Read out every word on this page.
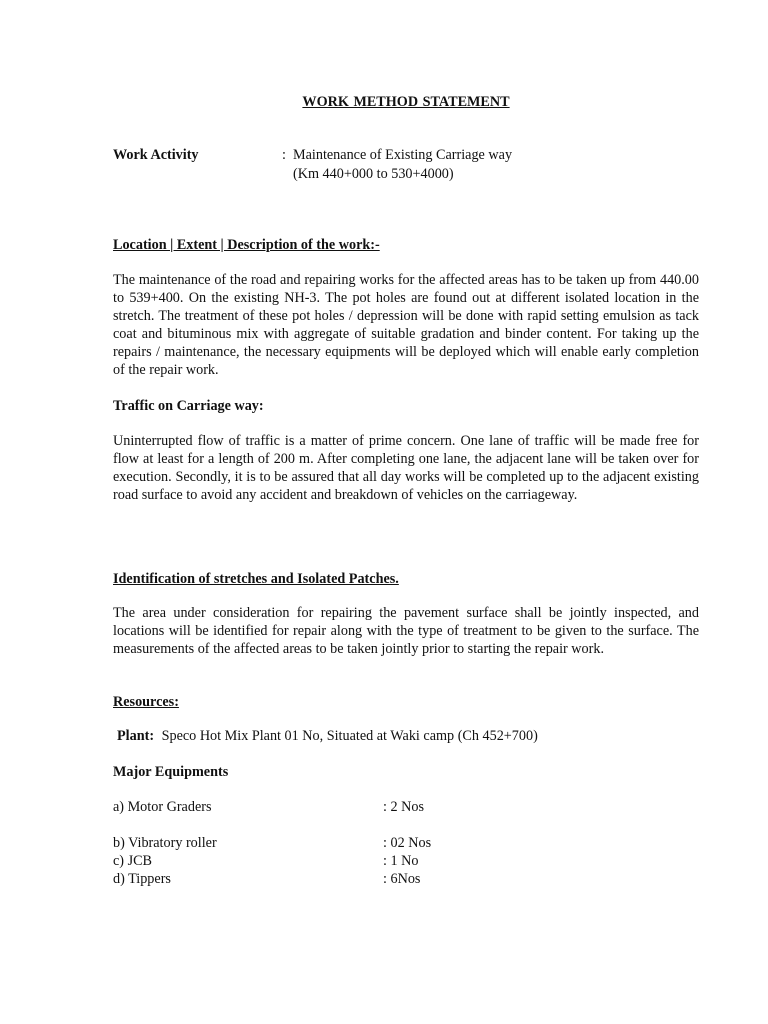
WORK METHOD STATEMENT
Work Activity	: Maintenance of Existing Carriage way
(Km 440+000 to 530+4000)
Location | Extent | Description of the work:-
The maintenance of the road and repairing works for the affected areas has to be taken up from 440.00 to 539+400. On the existing NH-3. The pot holes are found out at different isolated location in the stretch. The treatment of these pot holes / depression will be done with rapid setting emulsion as tack coat and bituminous mix with aggregate of suitable gradation and binder content. For taking up the repairs / maintenance, the necessary equipments will be deployed which will enable early completion of the repair work.
Traffic on Carriage way:
Uninterrupted flow of traffic is a matter of prime concern. One lane of traffic will be made free for flow at least for a length of 200 m. After completing one lane, the adjacent lane will be taken over for execution. Secondly, it is to be assured that all day works will be completed up to the adjacent existing road surface to avoid any accident and breakdown of vehicles on the carriageway.
Identification of stretches and Isolated Patches.
The area under consideration for repairing the pavement surface shall be jointly inspected, and locations will be identified for repair along with the type of treatment to be given to the surface. The measurements of the affected areas to be taken jointly prior to starting the repair work.
Resources:
Plant: Speco Hot Mix Plant 01 No, Situated at Waki camp (Ch 452+700)
Major Equipments
a) Motor Graders	: 2 Nos
b) Vibratory roller	: 02 Nos
c) JCB	: 1 No
d) Tippers	: 6Nos
